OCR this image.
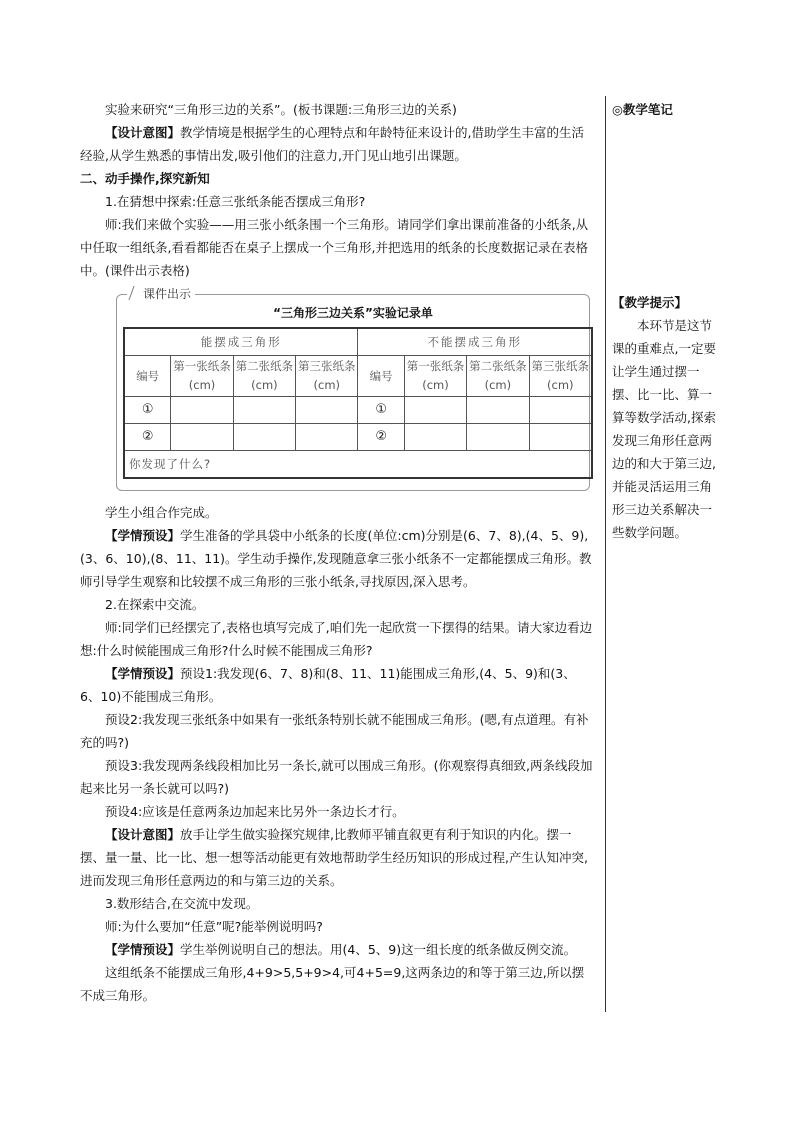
实验来研究“三角形三边的关系”。(板书课题:三角形三边的关系)

【设计意图】教学情境是根据学生的心理特点和年龄特征来设计的,借助学生丰富的生活经验,从学生熟悉的事情出发,吸引他们的注意力,开门见山地引出课题。

二、动手操作,探究新知

1.在猜想中探索:任意三张纸条能否摆成三角形?

师:我们来做个实验——用三张小纸条围一个三角形。请同学们拿出课前准备的小纸条,从中任取一组纸条,看看都能否在桌子上摆成一个三角形,并把选用的纸条的长度数据记录在表格中。(课件出示表格)

课件出示
“三角形三边关系”实验记录单
能摆成三角形				不能摆成三角形			
编号	第一张纸条(cm)	第二张纸条(cm)	第三张纸条(cm)	编号	第一张纸条(cm)	第二张纸条(cm)	第三张纸条(cm)
①				①			
②				②			
你发现了什么?							

学生小组合作完成。

【学情预设】学生准备的学具袋中小纸条的长度(单位:cm)分别是(6、7、8),(4、5、9),(3、6、10),(8、11、11)。学生动手操作,发现随意拿三张小纸条不一定都能摆成三角形。教师引导学生观察和比较摆不成三角形的三张小纸条,寻找原因,深入思考。

2.在探索中交流。

师:同学们已经摆完了,表格也填写完成了,咱们先一起欣赏一下摆得的结果。请大家边看边想:什么时候能围成三角形?什么时候不能围成三角形?

【学情预设】预设1:我发现(6、7、8)和(8、11、11)能围成三角形,(4、5、9)和(3、6、10)不能围成三角形。

预设2:我发现三张纸条中如果有一张纸条特别长就不能围成三角形。(嗯,有点道理。有补充的吗?)

预设3:我发现两条线段相加比另一条长,就可以围成三角形。(你观察得真细致,两条线段加起来比另一条长就可以吗?)

预设4:应该是任意两条边加起来比另外一条边长才行。

【设计意图】放手让学生做实验探究规律,比教师平铺直叙更有利于知识的内化。摆一摆、量一量、比一比、想一想等活动能更有效地帮助学生经历知识的形成过程,产生认知冲突,进而发现三角形任意两边的和与第三边的关系。

3.数形结合,在交流中发现。

师:为什么要加“任意”呢?能举例说明吗?

【学情预设】学生举例说明自己的想法。用(4、5、9)这一组长度的纸条做反例交流。

这组纸条不能摆成三角形,4+9>5,5+9>4,可4+5=9,这两条边的和等于第三边,所以摆不成三角形。

◎教学笔记

【教学提示】

本环节是这节课的重难点,一定要让学生通过摆一摆、比一比、算一算等数学活动,探索发现三角形任意两边的和大于第三边,并能灵活运用三角形三边关系解决一些数学问题。
